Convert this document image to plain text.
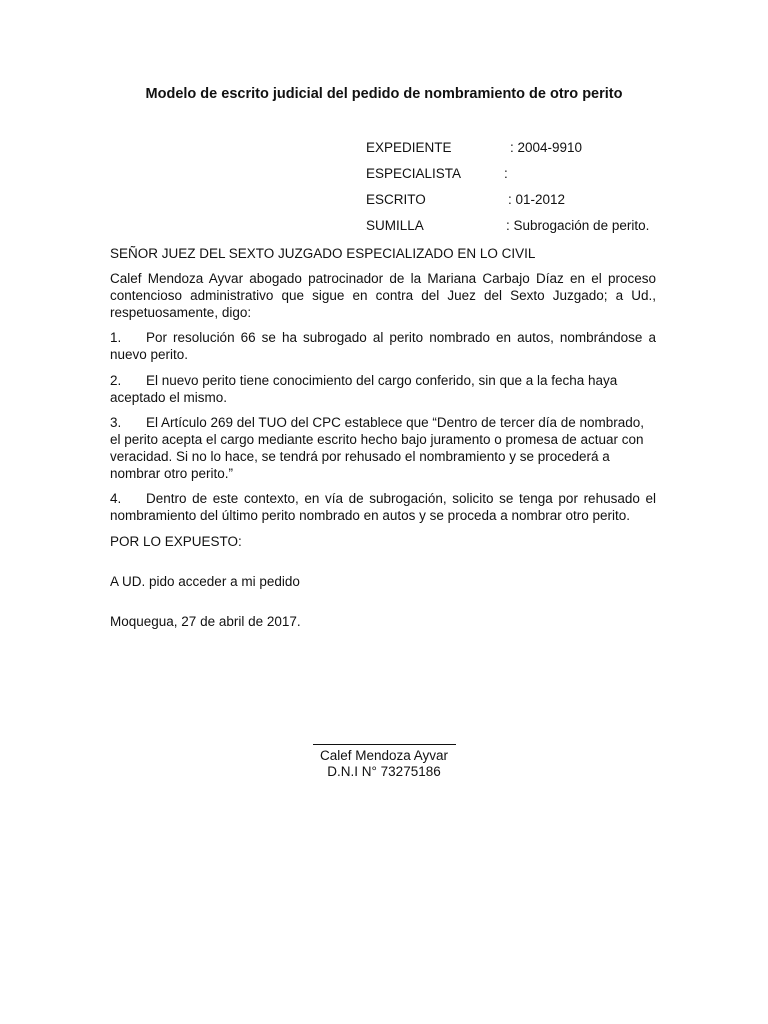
Modelo de escrito judicial del pedido de nombramiento de otro perito
EXPEDIENTE	: 2004-9910
ESPECIALISTA	:
ESCRITO	: 01-2012
SUMILLA	: Subrogación de perito.
SEÑOR JUEZ DEL SEXTO JUZGADO ESPECIALIZADO EN LO CIVIL
Calef Mendoza Ayvar abogado patrocinador de la Mariana Carbajo Díaz en el proceso contencioso administrativo que sigue en contra del Juez del Sexto Juzgado; a Ud., respetuosamente, digo:
1. Por resolución 66 se ha subrogado al perito nombrado en autos, nombrándose a nuevo perito.
2. El nuevo perito tiene conocimiento del cargo conferido, sin que a la fecha haya aceptado el mismo.
3. El Artículo 269 del TUO del CPC establece que “Dentro de tercer día de nombrado, el perito acepta el cargo mediante escrito hecho bajo juramento o promesa de actuar con veracidad. Si no lo hace, se tendrá por rehusado el nombramiento y se procederá a nombrar otro perito.”
4. Dentro de este contexto, en vía de subrogación, solicito se tenga por rehusado el nombramiento del último perito nombrado en autos y se proceda a nombrar otro perito.
POR LO EXPUESTO:
A UD. pido acceder a mi pedido
Moquegua, 27 de abril de 2017.
Calef Mendoza Ayvar
D.N.I N° 73275186
